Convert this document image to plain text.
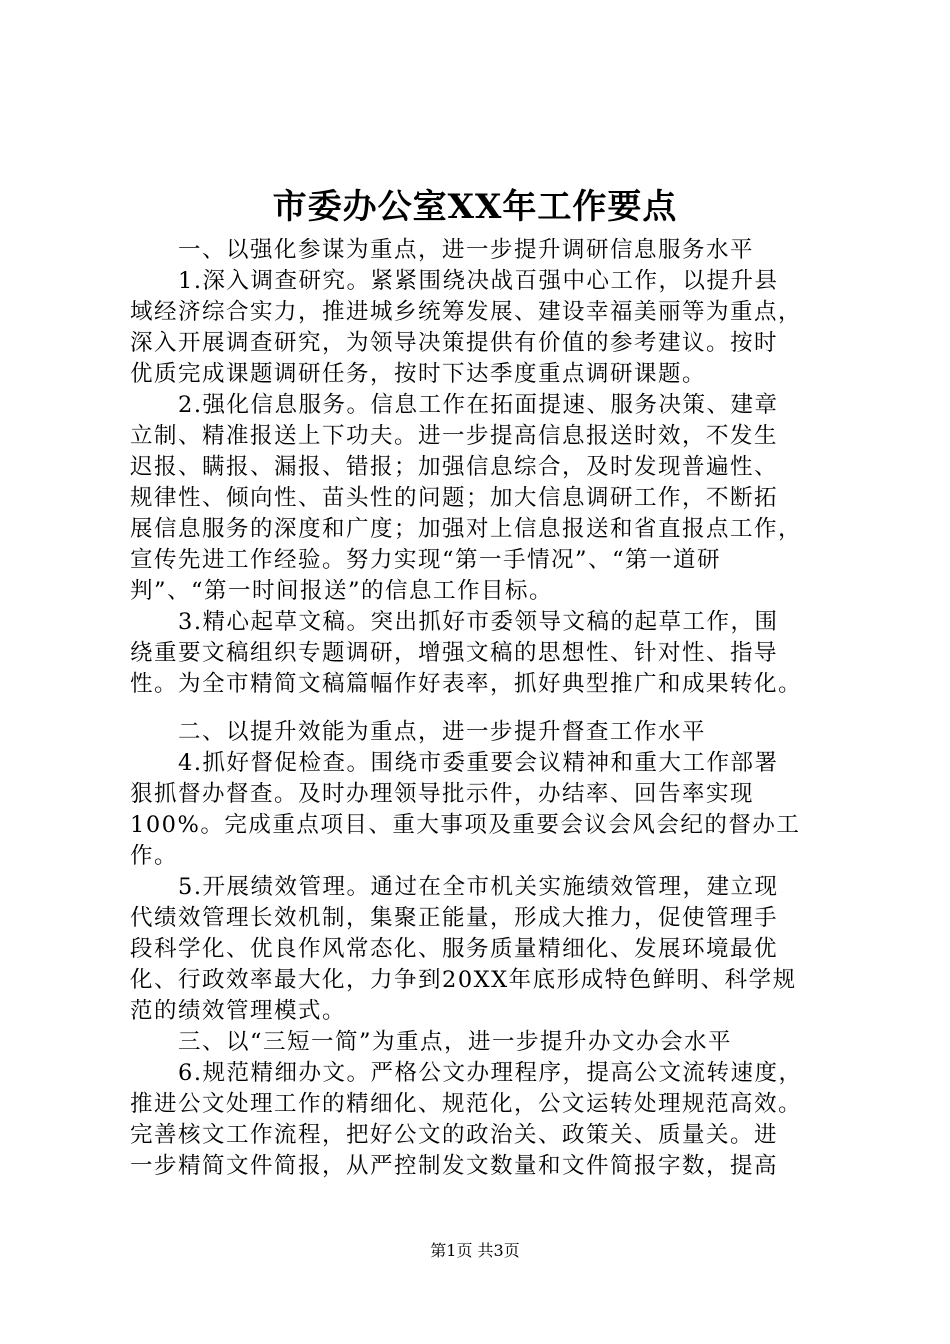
市委办公室XX年工作要点
一、以强化参谋为重点，进一步提升调研信息服务水平
1.深入调查研究。紧紧围绕决战百强中心工作，以提升县
域经济综合实力，推进城乡统筹发展、建设幸福美丽等为重点，
深入开展调查研究，为领导决策提供有价值的参考建议。按时
优质完成课题调研任务，按时下达季度重点调研课题。
2.强化信息服务。信息工作在拓面提速、服务决策、建章
立制、精准报送上下功夫。进一步提高信息报送时效，不发生
迟报、瞒报、漏报、错报；加强信息综合，及时发现普遍性、
规律性、倾向性、苗头性的问题；加大信息调研工作，不断拓
展信息服务的深度和广度；加强对上信息报送和省直报点工作，
宣传先进工作经验。努力实现“第一手情况”、“第一道研
判”、“第一时间报送”的信息工作目标。
3.精心起草文稿。突出抓好市委领导文稿的起草工作，围
绕重要文稿组织专题调研，增强文稿的思想性、针对性、指导
性。为全市精简文稿篇幅作好表率，抓好典型推广和成果转化。
二、以提升效能为重点，进一步提升督查工作水平
4.抓好督促检查。围绕市委重要会议精神和重大工作部署
狠抓督办督查。及时办理领导批示件，办结率、回告率实现
100%。完成重点项目、重大事项及重要会议会风会纪的督办工
作。
5.开展绩效管理。通过在全市机关实施绩效管理，建立现
代绩效管理长效机制，集聚正能量，形成大推力，促使管理手
段科学化、优良作风常态化、服务质量精细化、发展环境最优
化、行政效率最大化，力争到20XX年底形成特色鲜明、科学规
范的绩效管理模式。
三、以“三短一简”为重点，进一步提升办文办会水平
6.规范精细办文。严格公文办理程序，提高公文流转速度，
推进公文处理工作的精细化、规范化，公文运转处理规范高效。
完善核文工作流程，把好公文的政治关、政策关、质量关。进
一步精简文件简报，从严控制发文数量和文件简报字数，提高
第1页 共3页
